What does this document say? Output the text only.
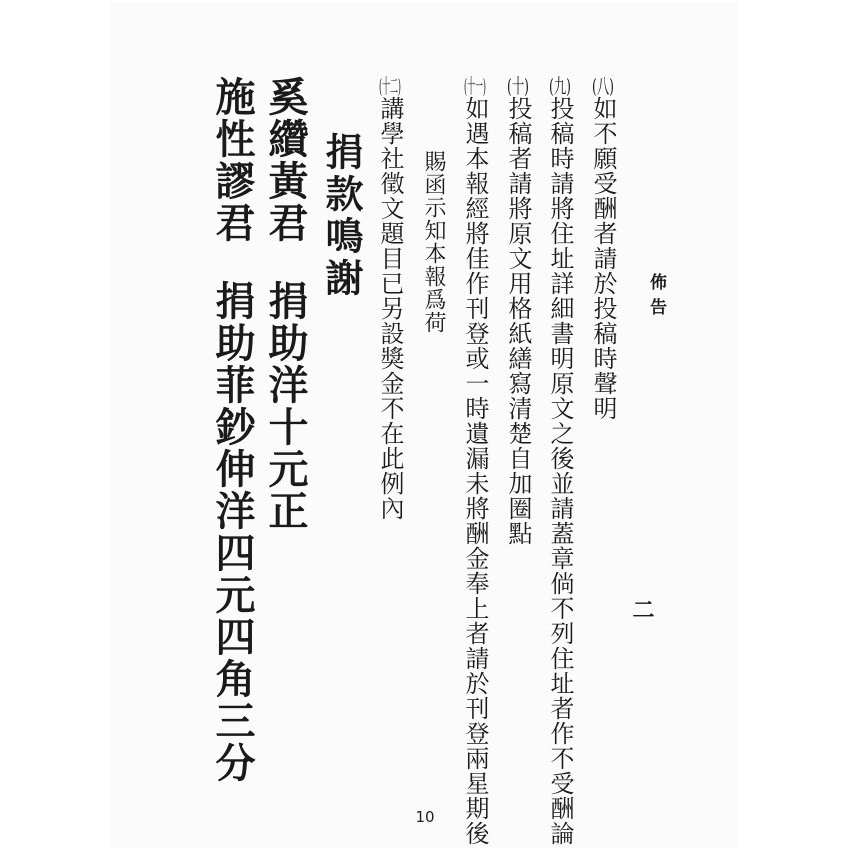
佈告
二
(八)如不願受酬者請於投稿時聲明
(九)投稿時請將住址詳細書明原文之後並請蓋章倘不列住址者作不受酬論
(十)投稿者請將原文用格紙繕寫清楚自加圈點
(十一)如遇本報經將佳作刊登或一時遺漏未將酬金奉上者請於刊登兩星期後
賜函示知本報爲荷
(十二)講學社徵文題目已另設獎金不在此例內
捐款鳴謝
奚纘黃君捐助洋十元正
施性謬君捐助菲鈔伸洋四元四角三分
10
